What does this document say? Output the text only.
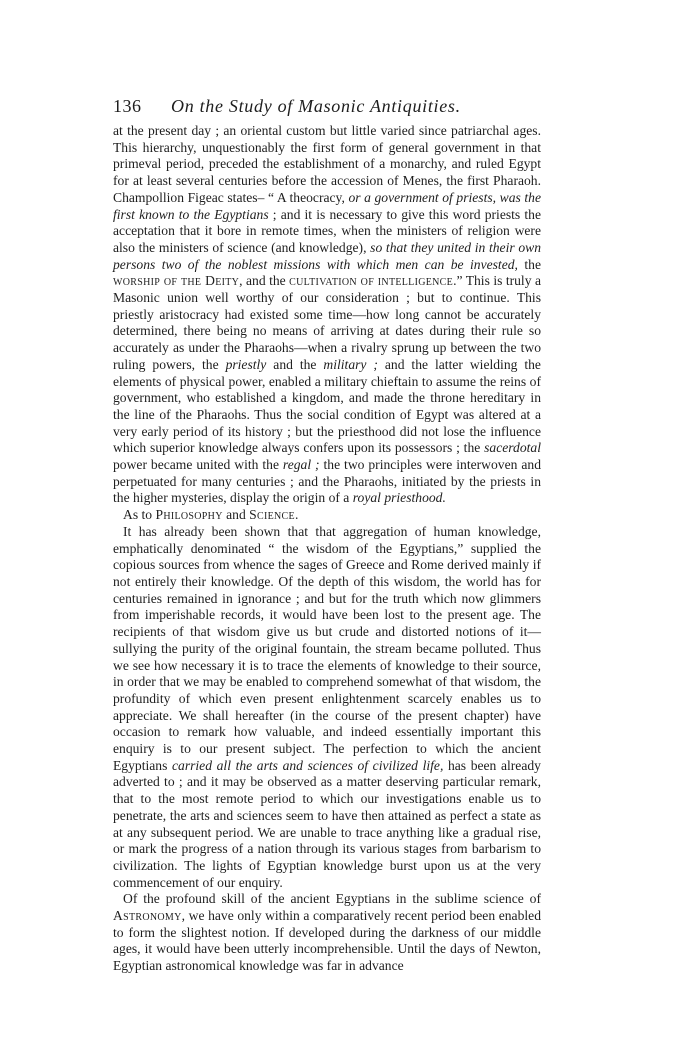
136 On the Study of Masonic Antiquities.

at the present day ; an oriental custom but little varied since patriarchal ages. This hierarchy, unquestionably the first form of general government in that primeval period, preceded the establishment of a monarchy, and ruled Egypt for at least several centuries before the accession of Menes, the first Pharaoh. Champollion Figeac states– “ A theocracy, or a government of priests, was the first known to the Egyptians ; and it is necessary to give this word priests the acceptation that it bore in remote times, when the ministers of religion were also the ministers of science (and knowledge), so that they united in their own persons two of the noblest missions with which men can be invested, the worship of the Deity, and the cultivation of intelligence.” This is truly a Masonic union well worthy of our consideration ; but to continue. This priestly aristocracy had existed some time—how long cannot be accurately determined, there being no means of arriving at dates during their rule so accurately as under the Pharaohs—when a rivalry sprung up between the two ruling powers, the priestly and the military ; and the latter wielding the elements of physical power, enabled a military chieftain to assume the reins of government, who established a kingdom, and made the throne hereditary in the line of the Pharaohs. Thus the social condition of Egypt was altered at a very early period of its history ; but the priesthood did not lose the influence which superior knowledge always confers upon its possessors ; the sacerdotal power became united with the regal ; the two principles were interwoven and perpetuated for many centuries ; and the Pharaohs, initiated by the priests in the higher mysteries, display the origin of a royal priesthood.

As to Philosophy and Science.

It has already been shown that that aggregation of human knowledge, emphatically denominated “ the wisdom of the Egyptians,” supplied the copious sources from whence the sages of Greece and Rome derived mainly if not entirely their knowledge. Of the depth of this wisdom, the world has for centuries remained in ignorance ; and but for the truth which now glimmers from imperishable records, it would have been lost to the present age. The recipients of that wisdom give us but crude and distorted notions of it—sullying the purity of the original fountain, the stream became polluted. Thus we see how necessary it is to trace the elements of knowledge to their source, in order that we may be enabled to comprehend somewhat of that wisdom, the profundity of which even present enlightenment scarcely enables us to appreciate. We shall hereafter (in the course of the present chapter) have occasion to remark how valuable, and indeed essentially important this enquiry is to our present subject. The perfection to which the ancient Egyptians carried all the arts and sciences of civilized life, has been already adverted to ; and it may be observed as a matter deserving particular remark, that to the most remote period to which our investigations enable us to penetrate, the arts and sciences seem to have then attained as perfect a state as at any subsequent period. We are unable to trace anything like a gradual rise, or mark the progress of a nation through its various stages from barbarism to civilization. The lights of Egyptian knowledge burst upon us at the very commencement of our enquiry.

Of the profound skill of the ancient Egyptians in the sublime science of Astronomy, we have only within a comparatively recent period been enabled to form the slightest notion. If developed during the darkness of our middle ages, it would have been utterly incomprehensible. Until the days of Newton, Egyptian astronomical knowledge was far in advance
